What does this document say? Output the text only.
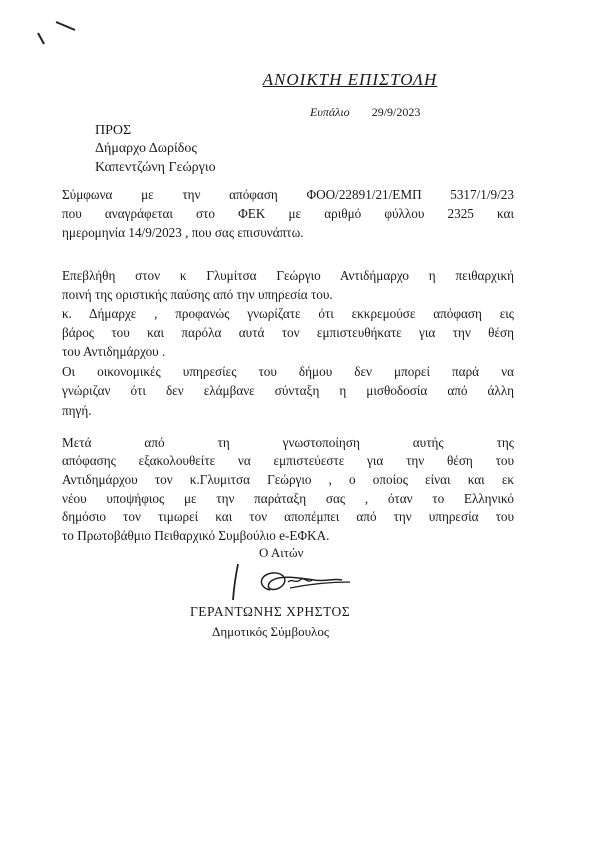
ΑΝΟΙΚΤΗ ΕΠΙΣΤΟΛΗ
Ευπάλιο 29/9/2023
ΠΡΟΣ
Δήμαρχο Δωρίδος
Καπεντζώνη Γεώργιο
Σύμφωνα με την απόφαση ΦΟΟ/22891/21/ΕΜΠ 5317/1/9/23
που αναγράφεται στο ΦΕΚ με αριθμό φύλλου 2325 και
ημερομηνία 14/9/2023 , που σας επισυνάπτω.
Επεβλήθη στον κ Γλυμίτσα Γεώργιο Αντιδήμαρχο η πειθαρχική
ποινή της οριστικής παύσης από την υπηρεσία του.
κ. Δήμαρχε , προφανώς γνωρίζατε ότι εκκρεμούσε απόφαση εις
βάρος του και παρόλα αυτά τον εμπιστευθήκατε για την θέση
του Αντιδημάρχου .
Οι οικονομικές υπηρεσίες του δήμου δεν μπορεί παρά να
γνώριζαν ότι δεν ελάμβανε σύνταξη η μισθοδοσία από άλλη
πηγή.
Μετά από τη γνωστοποίηση αυτής της
απόφασης εξακολουθείτε να εμπιστεύεστε για την θέση του
Αντιδημάρχου τον κ.Γλυμιτσα Γεώργιο , ο οποίος είναι και εκ
νέου υποψήφιος με την παράταξη σας , όταν το Ελληνικό
δημόσιο τον τιμωρεί και τον αποπέμπει από την υπηρεσία του
το Πρωτοβάθμιο Πειθαρχικό Συμβούλιο e-ΕΦΚΑ.
Ο Αιτών
ΓΕΡΑΝΤΩΝΗΣ ΧΡΗΣΤΟΣ
Δημοτικός Σύμβουλος
